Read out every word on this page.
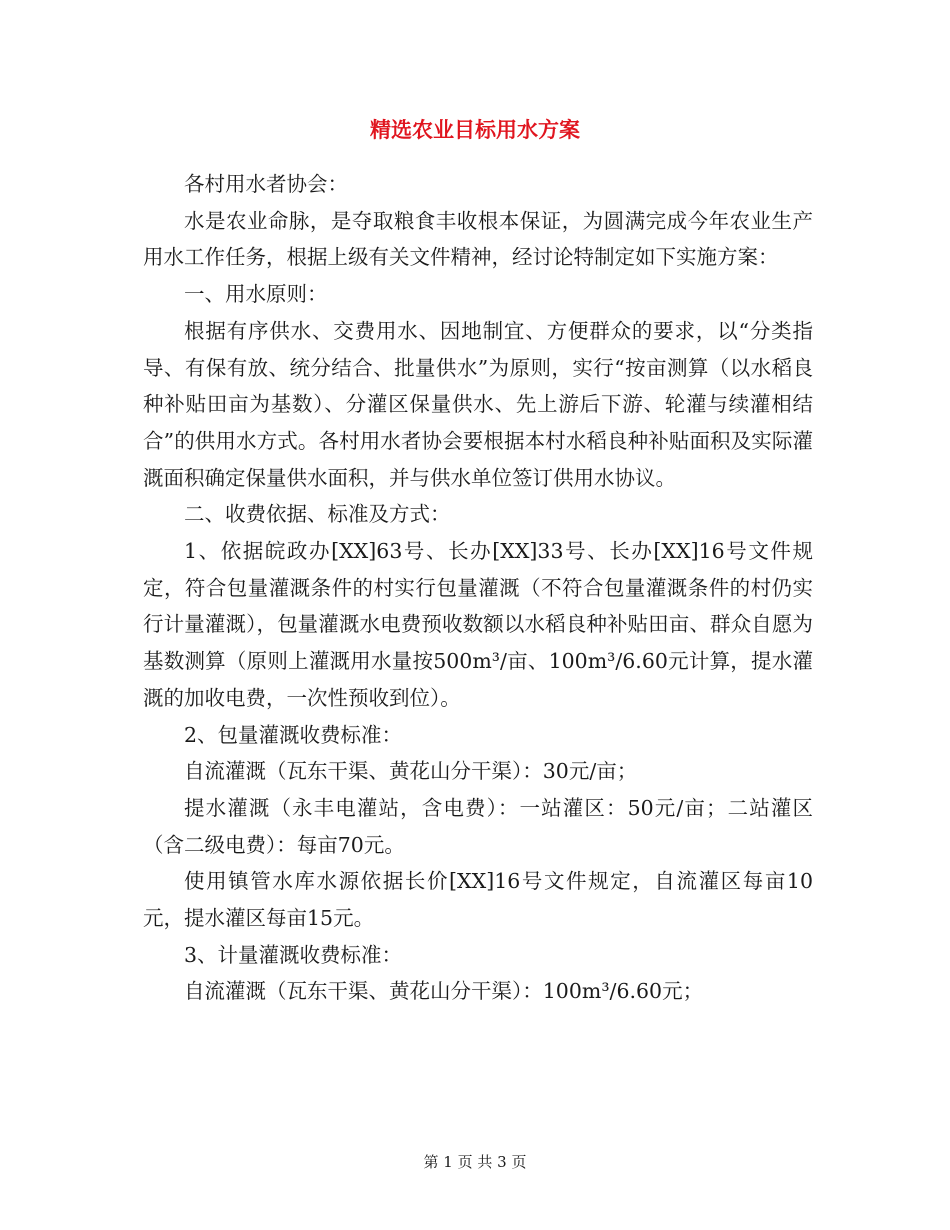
精选农业目标用水方案

各村用水者协会：

水是农业命脉，是夺取粮食丰收根本保证，为圆满完成今年农业生产用水工作任务，根据上级有关文件精神，经讨论特制定如下实施方案：

一、用水原则：

根据有序供水、交费用水、因地制宜、方便群众的要求，以“分类指导、有保有放、统分结合、批量供水”为原则，实行“按亩测算（以水稻良种补贴田亩为基数）、分灌区保量供水、先上游后下游、轮灌与续灌相结合”的供用水方式。各村用水者协会要根据本村水稻良种补贴面积及实际灌溉面积确定保量供水面积，并与供水单位签订供用水协议。

二、收费依据、标准及方式：

1、依据皖政办[XX]63号、长办[XX]33号、长办[XX]16号文件规定，符合包量灌溉条件的村实行包量灌溉（不符合包量灌溉条件的村仍实行计量灌溉），包量灌溉水电费预收数额以水稻良种补贴田亩、群众自愿为基数测算（原则上灌溉用水量按500m³/亩、100m³/6.60元计算，提水灌溉的加收电费，一次性预收到位）。

2、包量灌溉收费标准：

自流灌溉（瓦东干渠、黄花山分干渠）：30元/亩；

提水灌溉（永丰电灌站，含电费）：一站灌区：50元/亩；二站灌区（含二级电费）：每亩70元。

使用镇管水库水源依据长价[XX]16号文件规定，自流灌区每亩10元，提水灌区每亩15元。

3、计量灌溉收费标准：

自流灌溉（瓦东干渠、黄花山分干渠）：100m³/6.60元；

第 1 页 共 3 页
